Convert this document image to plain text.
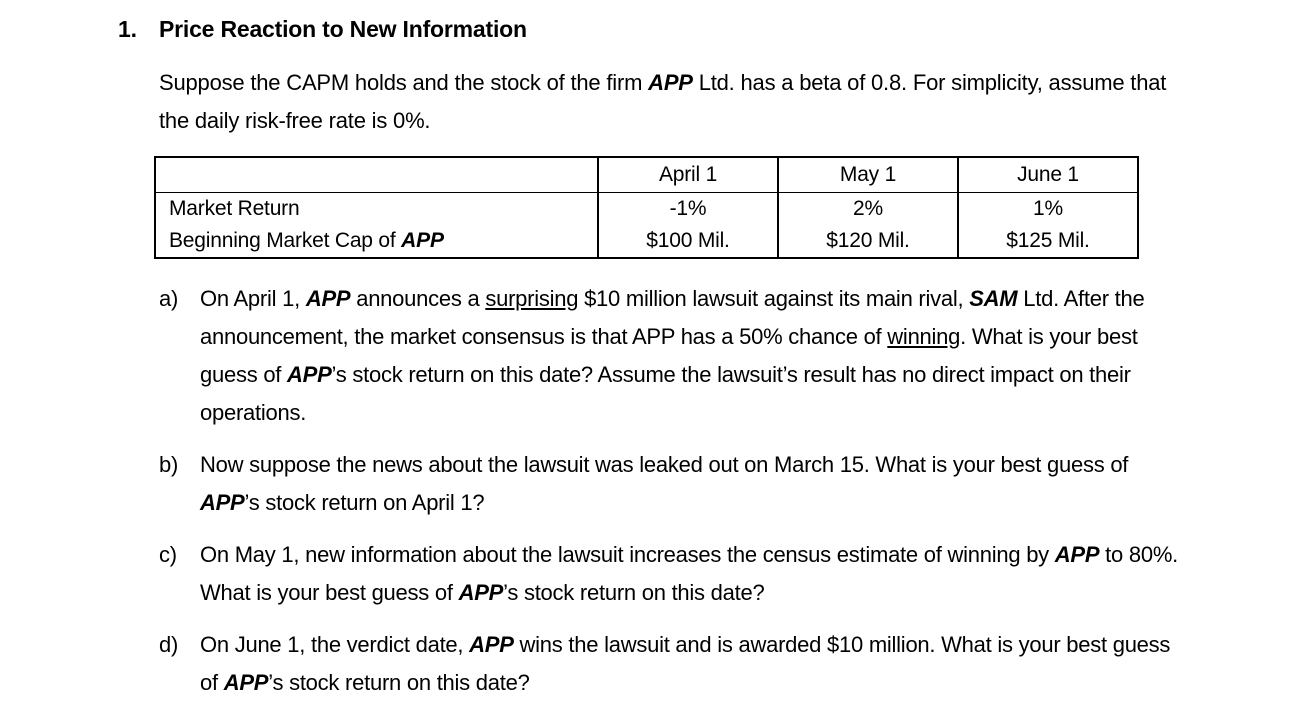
1. Price Reaction to New Information
Suppose the CAPM holds and the stock of the firm APP Ltd. has a beta of 0.8. For simplicity, assume that the daily risk-free rate is 0%.
	April 1	May 1	June 1
Market Return	-1%	2%	1%
Beginning Market Cap of APP	$100 Mil.	$120 Mil.	$125 Mil.
a) On April 1, APP announces a surprising $10 million lawsuit against its main rival, SAM Ltd. After the announcement, the market consensus is that APP has a 50% chance of winning. What is your best guess of APP’s stock return on this date? Assume the lawsuit’s result has no direct impact on their operations.
b) Now suppose the news about the lawsuit was leaked out on March 15. What is your best guess of APP’s stock return on April 1?
c)	On May 1, new information about the lawsuit increases the census estimate of winning by APP to 80%. What is your best guess of APP’s stock return on this date?
d) On June 1, the verdict date, APP wins the lawsuit and is awarded $10 million. What is your best guess of APP’s stock return on this date?
